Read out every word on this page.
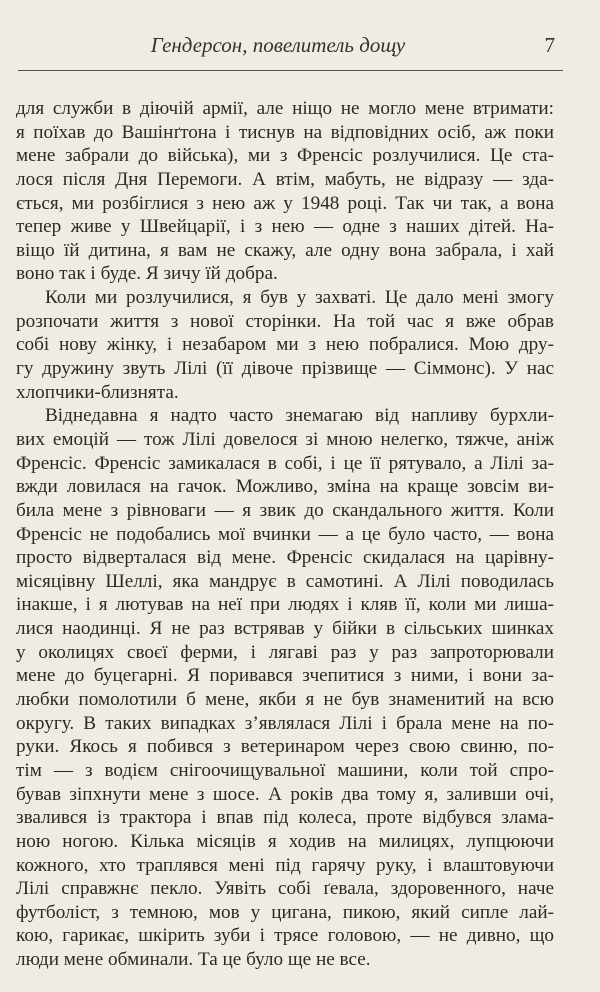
Гендерсон, повелитель дощу	7
для служби в діючій армії, але ніщо не могло мене втримати:
я поїхав до Вашінґтона і тиснув на відповідних осіб, аж поки
мене забрали до війська), ми з Френсіс розлучилися. Це ста-
лося після Дня Перемоги. А втім, мабуть, не відразу — зда-
ється, ми розбіглися з нею аж у 1948 році. Так чи так, а вона
тепер живе у Швейцарії, і з нею — одне з наших дітей. На-
віщо їй дитина, я вам не скажу, але одну вона забрала, і хай
воно так і буде. Я зичу їй добра.
Коли ми розлучилися, я був у захваті. Це дало мені змогу
розпочати життя з нової сторінки. На той час я вже обрав
собі нову жінку, і незабаром ми з нею побралися. Мою дру-
гу дружину звуть Лілі (її дівоче прізвище — Сіммонс). У нас
хлопчики-близнята.
Віднедавна я надто часто знемагаю від напливу бурхли-
вих емоцій — тож Лілі довелося зі мною нелегко, тяжче, аніж
Френсіс. Френсіс замикалася в собі, і це її рятувало, а Лілі за-
вжди ловилася на гачок. Можливо, зміна на краще зовсім ви-
била мене з рівноваги — я звик до скандального життя. Коли
Френсіс не подобались мої вчинки — а це було часто, — вона
просто відверталася від мене. Френсіс скидалася на царівну-
місяцівну Шеллі, яка мандрує в самотині. А Лілі поводилась
інакше, і я лютував на неї при людях і кляв її, коли ми лиша-
лися наодинці. Я не раз встрявав у бійки в сільських шинках
у околицях своєї ферми, і лягаві раз у раз запроторювали
мене до буцегарні. Я поривався зчепитися з ними, і вони за-
любки помолотили б мене, якби я не був знаменитий на всю
округу. В таких випадках з’являлася Лілі і брала мене на по-
руки. Якось я побився з ветеринаром через свою свиню, по-
тім — з водієм снігоочищувальної машини, коли той спро-
бував зіпхнути мене з шосе. А років два тому я, заливши очі,
звалився із трактора і впав під колеса, проте відбувся злама-
ною ногою. Кілька місяців я ходив на милицях, лупцюючи
кожного, хто траплявся мені під гарячу руку, і влаштовуючи
Лілі справжнє пекло. Уявіть собі ґевала, здоровенного, наче
футболіст, з темною, мов у цигана, пикою, який сипле лай-
кою, гарикає, шкірить зуби і трясе головою, — не дивно, що
люди мене обминали. Та це було ще не все.
